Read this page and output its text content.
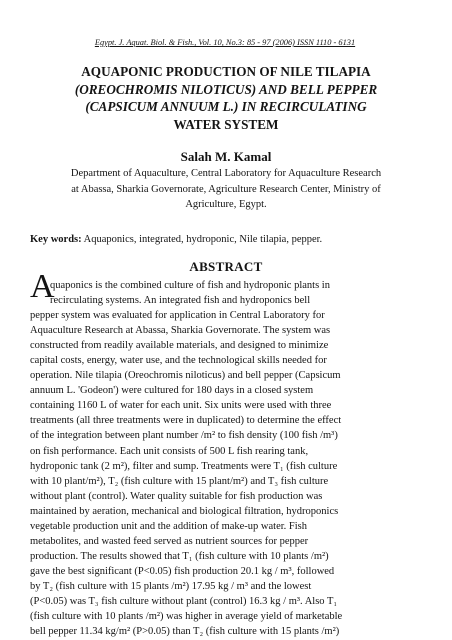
Egypt. J. Aquat. Biol. & Fish., Vol. 10, No.3: 85 - 97 (2006) ISSN 1110 - 6131
AQUAPONIC PRODUCTION OF NILE TILAPIA
(OREOCHROMIS NILOTICUS) AND BELL PEPPER
(CAPSICUM ANNUUM L.) IN RECIRCULATING
WATER SYSTEM
Salah M. Kamal
Department of Aquaculture, Central Laboratory for Aquaculture Research
at Abassa, Sharkia Governorate, Agriculture Research Center, Ministry of
Agriculture, Egypt.
Key words: Aquaponics, integrated, hydroponic, Nile tilapia, pepper.
ABSTRACT
A
quaponics is the combined culture of fish and hydroponic plants in
recirculating systems. An integrated fish and hydroponics bell
pepper system was evaluated for application in Central Laboratory for
Aquaculture Research at Abassa, Sharkia Governorate. The system was
constructed from readily available materials, and designed to minimize
capital costs, energy, water use, and the technological skills needed for
operation. Nile tilapia (Oreochromis niloticus) and bell pepper (Capsicum
annuum L. 'Godeon') were cultured for 180 days in a closed system
containing 1160 L of water for each unit. Six units were used with three
treatments (all three treatments were in duplicated) to determine the effect
of the integration between plant number /m² to fish density (100 fish /m³)
on fish performance. Each unit consists of 500 L fish rearing tank,
hydroponic tank (2 m²), filter and sump. Treatments were T₁ (fish culture
with 10 plant/m²), T₂ (fish culture with 15 plant/m²) and T₃ fish culture
without plant (control). Water quality suitable for fish production was
maintained by aeration, mechanical and biological filtration, hydroponics
vegetable production unit and the addition of make-up water. Fish
metabolites, and wasted feed served as nutrient sources for pepper
production. The results showed that T₁ (fish culture with 10 plants /m²)
gave the best significant (P<0.05) fish production 20.1 kg / m³, followed
by T₂ (fish culture with 15 plants /m²) 17.95 kg / m³ and the lowest
(P<0.05) was T₃ fish culture without plant (control) 16.3 kg / m³. Also T₁
(fish culture with 10 plants /m²) was higher in average yield of marketable
bell pepper 11.34 kg/m² (P>0.05) than T₂ (fish culture with 15 plants /m²)
